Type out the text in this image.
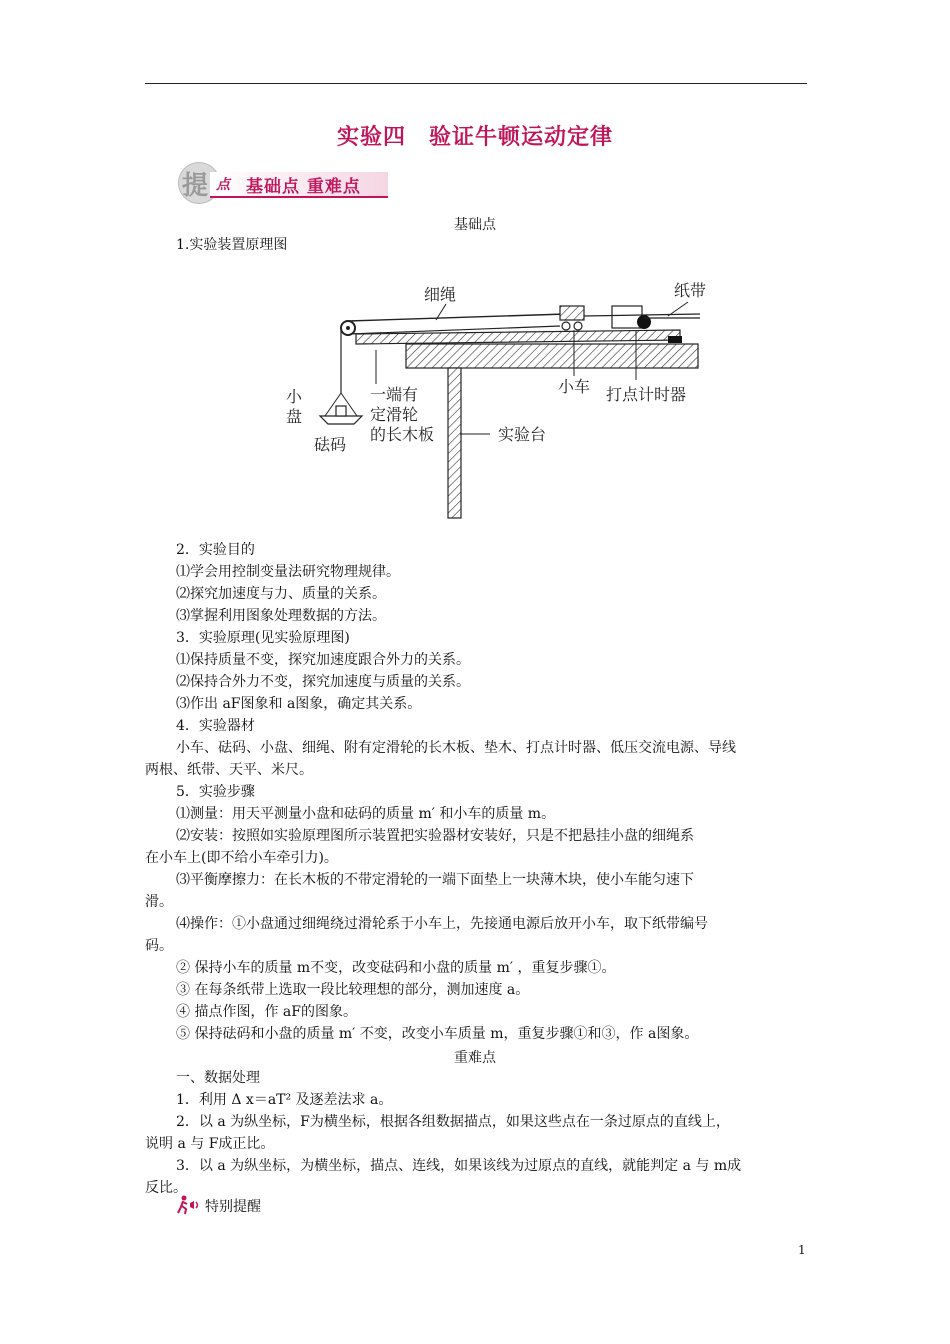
实验四　验证牛顿运动定律
提 点 基础点 重难点
基础点
1.实验装置原理图
细绳	纸带
小车 打点计时器
小
盘
砝码
一端有
定滑轮
的长木板	实验台
2．实验目的
⑴学会用控制变量法研究物理规律。
⑵探究加速度与力、质量的关系。
⑶掌握利用图象处理数据的方法。
3．实验原理(见实验原理图)
⑴保持质量不变，探究加速度跟合外力的关系。
⑵保持合外力不变，探究加速度与质量的关系。
⑶作出 aF图象和 a图象，确定其关系。
4．实验器材
小车、砝码、小盘、细绳、附有定滑轮的长木板、垫木、打点计时器、低压交流电源、导线
两根、纸带、天平、米尺。
5．实验步骤
⑴测量：用天平测量小盘和砝码的质量 m′ 和小车的质量 m。
⑵安装：按照如实验原理图所示装置把实验器材安装好，只是不把悬挂小盘的细绳系
在小车上(即不给小车牵引力)。
⑶平衡摩擦力：在长木板的不带定滑轮的一端下面垫上一块薄木块，使小车能匀速下
滑。
⑷操作：①小盘通过细绳绕过滑轮系于小车上，先接通电源后放开小车，取下纸带编号
码。
② 保持小车的质量 m不变，改变砝码和小盘的质量 m′ ，重复步骤①。
③ 在每条纸带上选取一段比较理想的部分，测加速度 a。
④ 描点作图，作 aF的图象。
⑤ 保持砝码和小盘的质量 m′ 不变，改变小车质量 m，重复步骤①和③，作 a图象。
重难点
一、数据处理
1．利用 Δ x＝aT² 及逐差法求 a。
2．以 a 为纵坐标，F为横坐标，根据各组数据描点，如果这些点在一条过原点的直线上，
说明 a 与 F成正比。
3．以 a 为纵坐标，为横坐标，描点、连线，如果该线为过原点的直线，就能判定 a 与 m成
反比。
特别提醒
1
